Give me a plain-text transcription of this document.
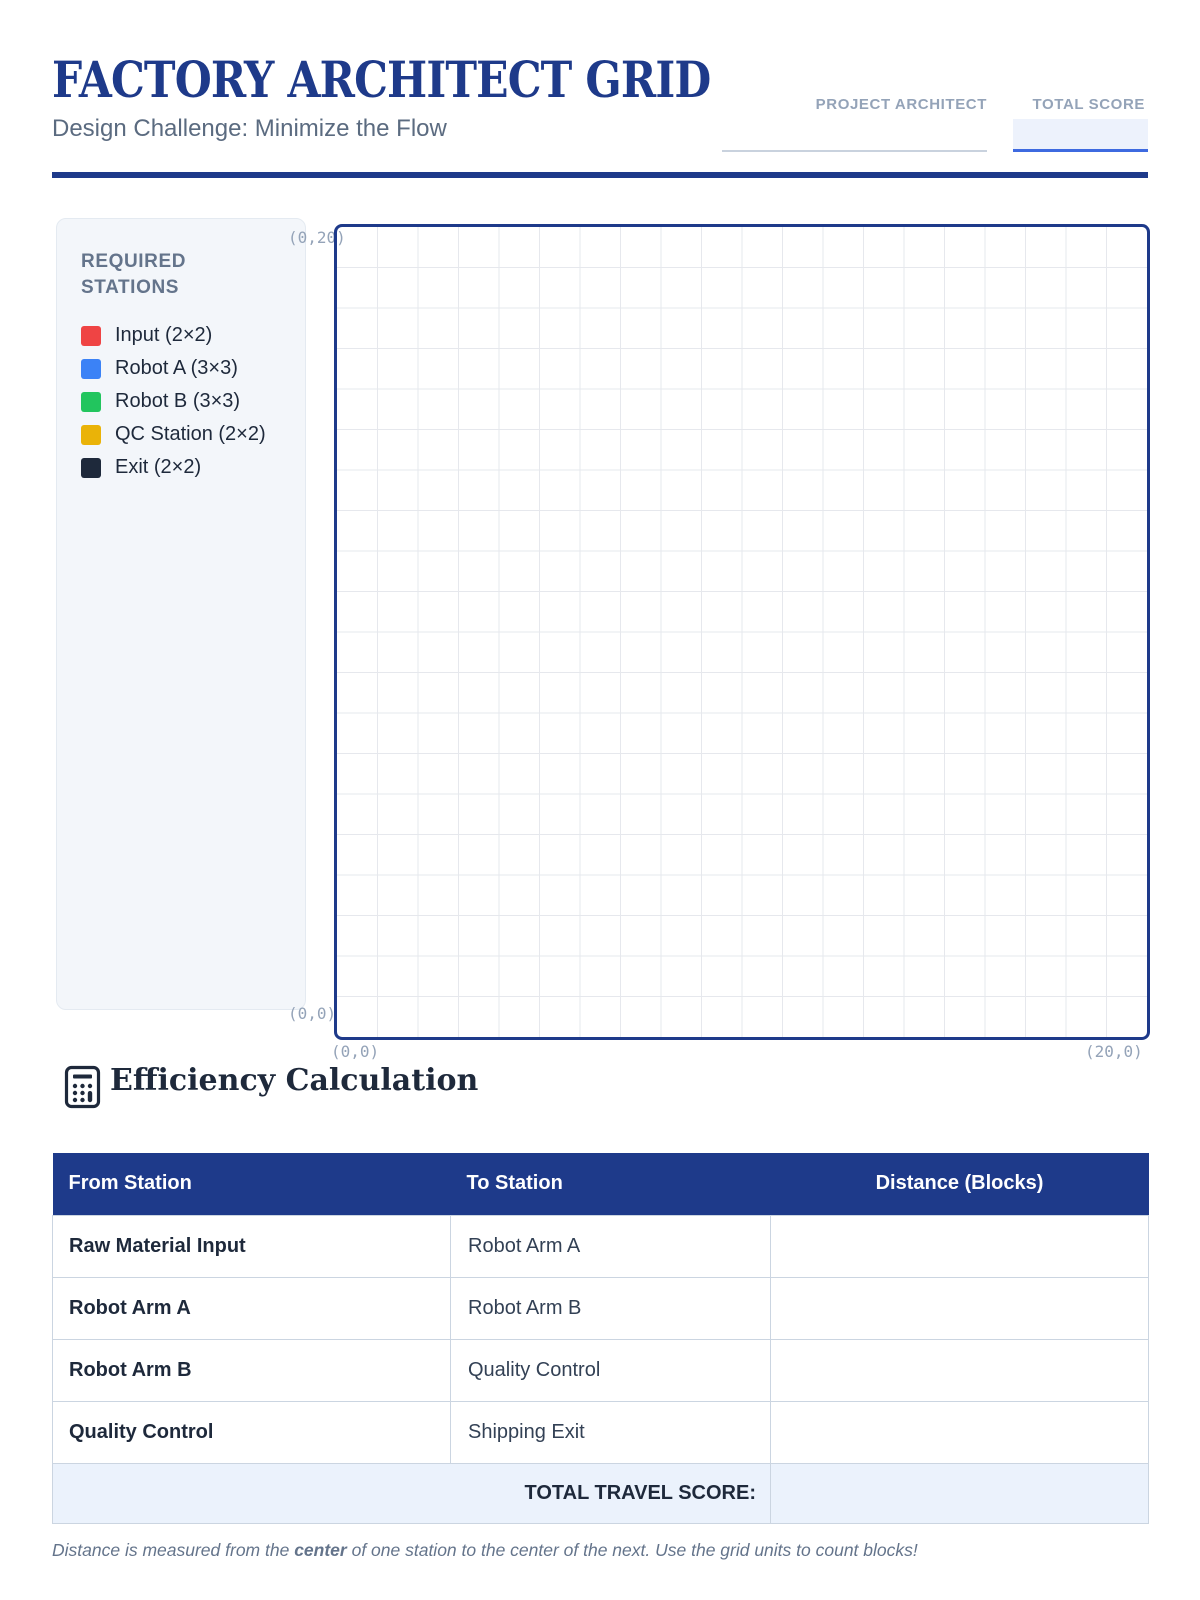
FACTORY ARCHITECT GRID
Design Challenge: Minimize the Flow
PROJECT ARCHITECT	TOTAL SCORE
REQUIRED STATIONS
Input (2×2)
Robot A (3×3)
Robot B (3×3)
QC Station (2×2)
Exit (2×2)
(0,20)
(0,0)
(0,0)	(20,0)
Efficiency Calculation
From Station	To Station	Distance (Blocks)
Raw Material Input	Robot Arm A	
Robot Arm A	Robot Arm B	
Robot Arm B	Quality Control	
Quality Control	Shipping Exit	
TOTAL TRAVEL SCORE:		
Distance is measured from the center of one station to the center of the next. Use the grid units to count blocks!
